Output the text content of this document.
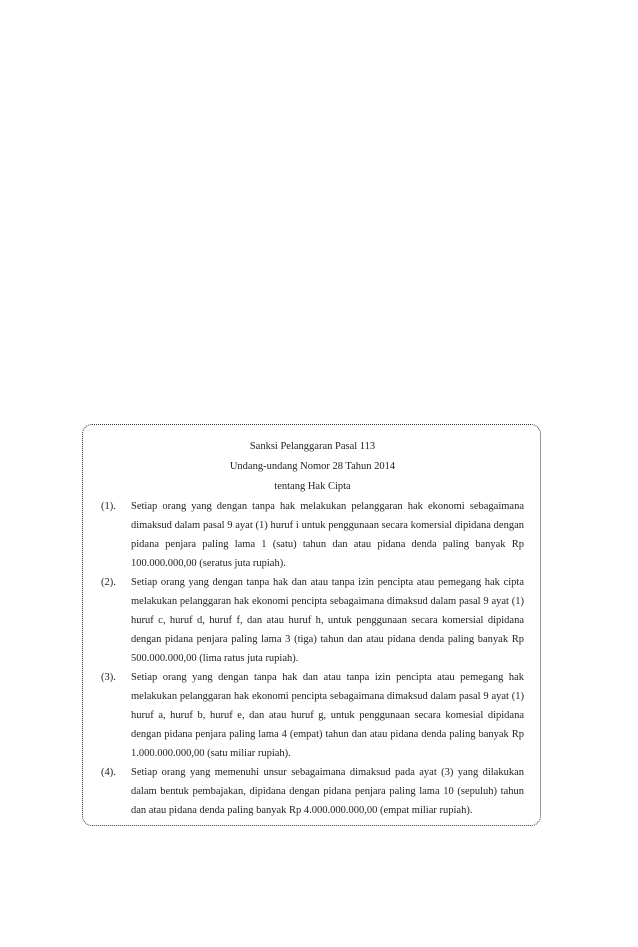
Sanksi Pelanggaran Pasal 113

Undang-undang Nomor 28 Tahun 2014

tentang Hak Cipta

(1).	Setiap orang yang dengan tanpa hak melakukan pelanggaran hak ekonomi sebagaimana dimaksud dalam pasal 9 ayat (1) huruf i untuk penggunaan secara komersial dipidana dengan pidana penjara paling lama 1 (satu) tahun dan atau pidana denda paling banyak Rp 100.000.000,00 (seratus juta rupiah).
(2).	Setiap orang yang dengan tanpa hak dan atau tanpa izin pencipta atau pemegang hak cipta melakukan pelanggaran hak ekonomi pencipta sebagaimana dimaksud dalam pasal 9 ayat (1) huruf c, huruf d, huruf f, dan atau huruf h, untuk penggunaan secara komersial dipidana dengan pidana penjara paling lama 3 (tiga) tahun dan atau pidana denda paling banyak Rp 500.000.000,00 (lima ratus juta rupiah).
(3).	Setiap orang yang dengan tanpa hak dan atau tanpa izin pencipta atau pemegang hak melakukan pelanggaran hak ekonomi pencipta sebagaimana dimaksud dalam pasal 9 ayat (1) huruf a, huruf b, huruf e, dan atau huruf g, untuk penggunaan secara komesial dipidana dengan pidana penjara paling lama 4 (empat) tahun dan atau pidana denda paling banyak Rp 1.000.000.000,00 (satu miliar rupiah).
(4).	Setiap orang yang memenuhi unsur sebagaimana dimaksud pada ayat (3) yang dilakukan dalam bentuk pembajakan, dipidana dengan pidana penjara paling lama 10 (sepuluh) tahun dan atau pidana denda paling banyak Rp 4.000.000.000,00 (empat miliar rupiah).
